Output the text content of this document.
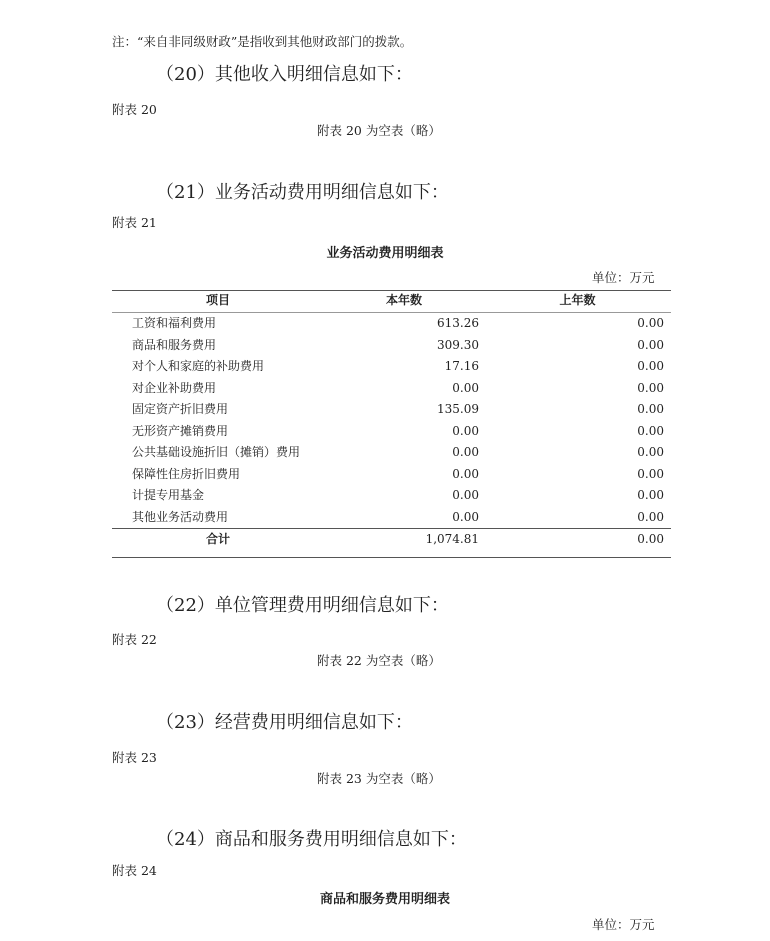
注：“来自非同级财政”是指收到其他财政部门的拨款。
（20）其他收入明细信息如下：
附表 20
附表 20 为空表（略）
（21）业务活动费用明细信息如下：
附表 21
业务活动费用明细表
单位：万元
项目	本年数	上年数
工资和福利费用	613.26	0.00
商品和服务费用	309.30	0.00
对个人和家庭的补助费用	17.16	0.00
对企业补助费用	0.00	0.00
固定资产折旧费用	135.09	0.00
无形资产摊销费用	0.00	0.00
公共基础设施折旧（摊销）费用	0.00	0.00
保障性住房折旧费用	0.00	0.00
计提专用基金	0.00	0.00
其他业务活动费用	0.00	0.00
合计	1,074.81	0.00
（22）单位管理费用明细信息如下：
附表 22
附表 22 为空表（略）
（23）经营费用明细信息如下：
附表 23
附表 23 为空表（略）
（24）商品和服务费用明细信息如下：
附表 24
商品和服务费用明细表
单位：万元
